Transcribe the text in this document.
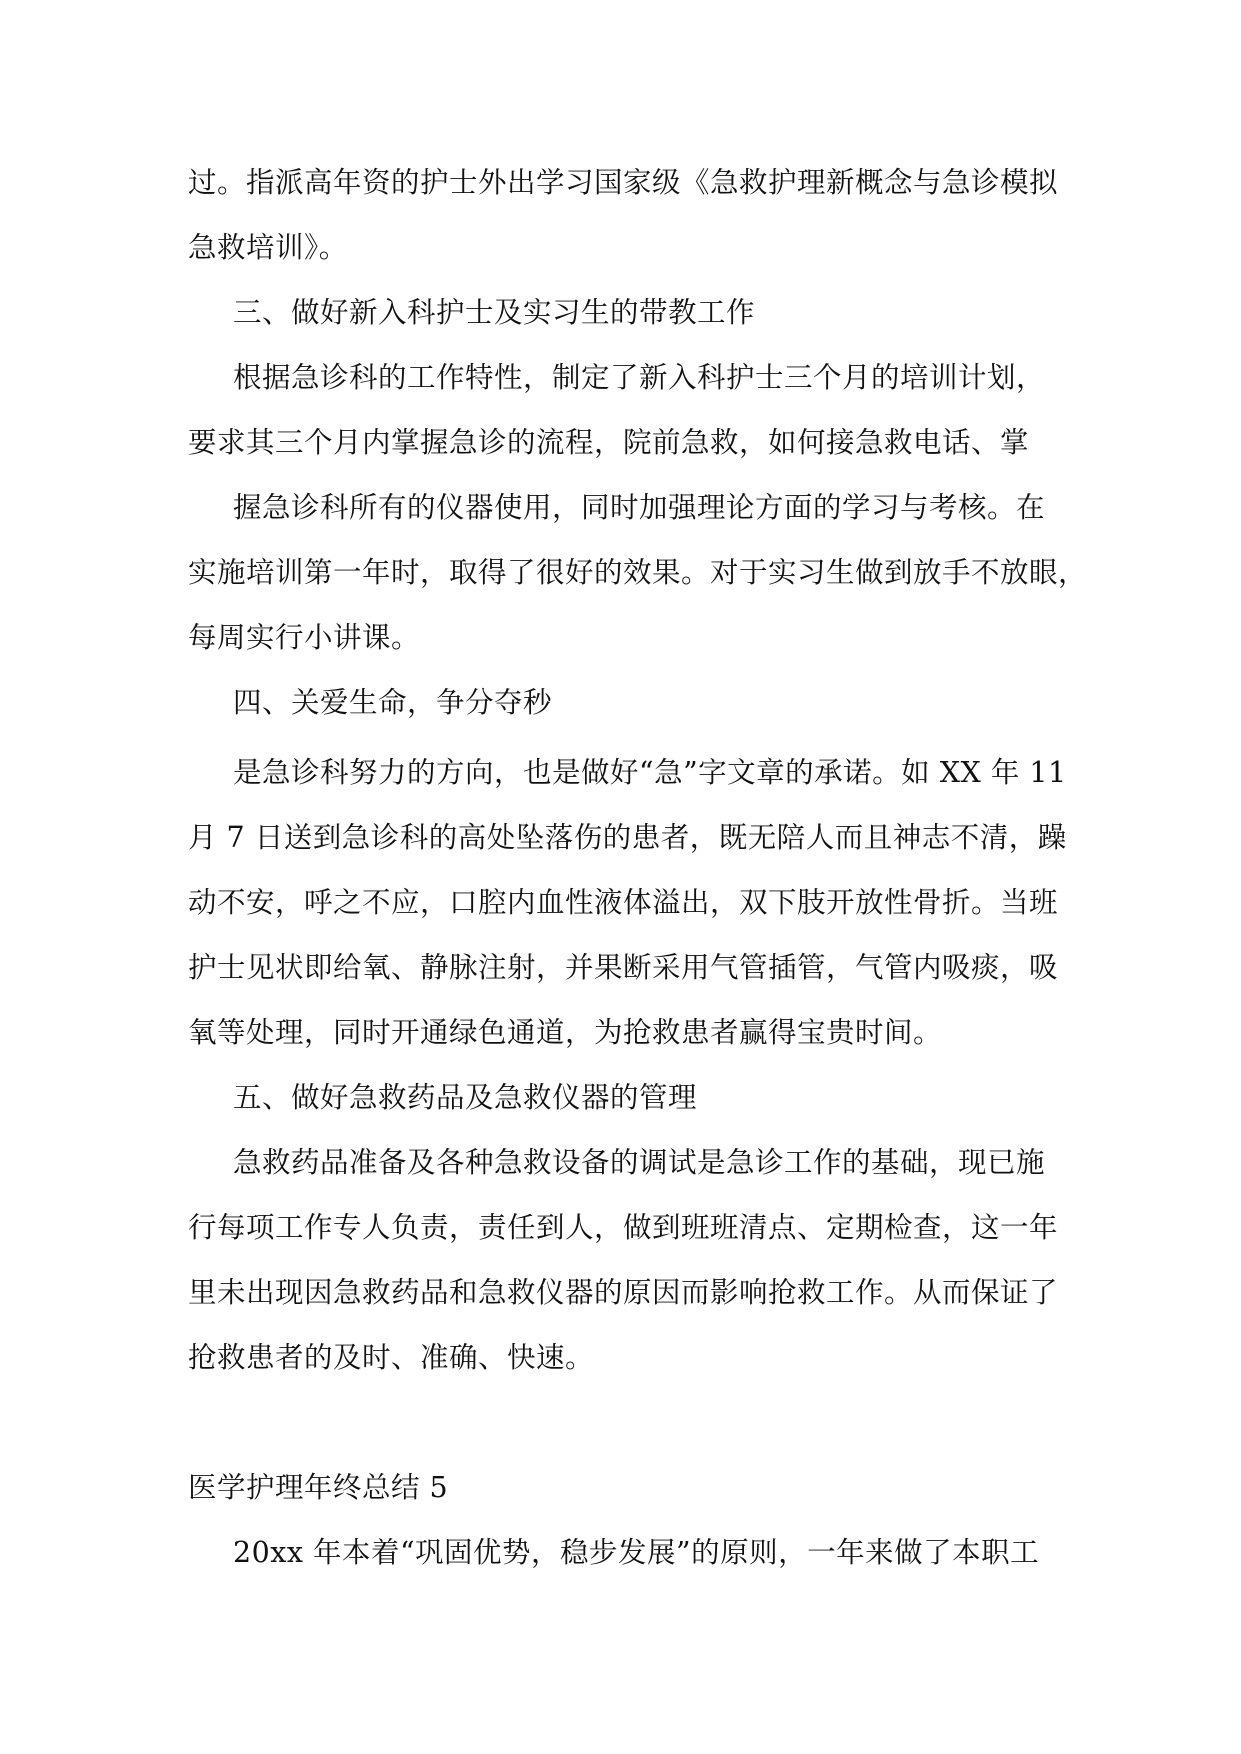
过。指派高年资的护士外出学习国家级《急救护理新概念与急诊模拟
急救培训》。
三、做好新入科护士及实习生的带教工作
根据急诊科的工作特性，制定了新入科护士三个月的培训计划，
要求其三个月内掌握急诊的流程，院前急救，如何接急救电话、掌
握急诊科所有的仪器使用，同时加强理论方面的学习与考核。在
实施培训第一年时，取得了很好的效果。对于实习生做到放手不放眼，
每周实行小讲课。
四、关爱生命，争分夺秒
是急诊科努力的方向，也是做好“急”字文章的承诺。如 XX 年 11
月 7 日送到急诊科的高处坠落伤的患者，既无陪人而且神志不清，躁
动不安，呼之不应，口腔内血性液体溢出，双下肢开放性骨折。当班
护士见状即给氧、静脉注射，并果断采用气管插管，气管内吸痰，吸
氧等处理，同时开通绿色通道，为抢救患者赢得宝贵时间。
五、做好急救药品及急救仪器的管理
急救药品准备及各种急救设备的调试是急诊工作的基础，现已施
行每项工作专人负责，责任到人，做到班班清点、定期检查，这一年
里未出现因急救药品和急救仪器的原因而影响抢救工作。从而保证了
抢救患者的及时、准确、快速。
医学护理年终总结 5
20xx 年本着“巩固优势，稳步发展”的原则，一年来做了本职工
